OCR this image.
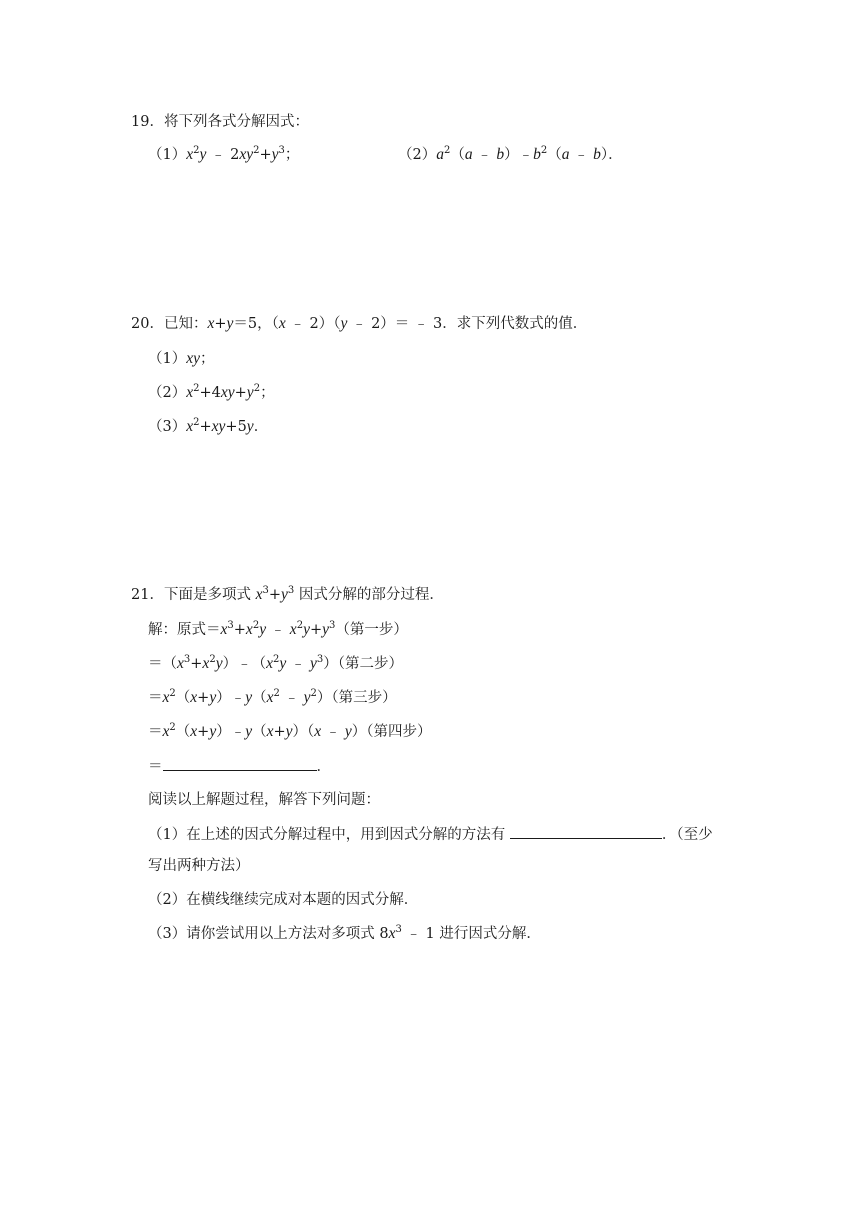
19．将下列各式分解因式：
$(1)x^2y$ ﹣ $2xy^2+y^3$；	$(2)a^2(a$ ﹣ $b)﹣b^2(a$ ﹣ b）．
20．已知：x+y＝5，（x ﹣ 2）（y ﹣ 2）＝ ﹣ 3．求下列代数式的值．
（1）xy；
$(2)x^2+4xy+y^2$；
$(3)x^2+xy+5y$．
21．下面是多项式 $x^3+y^3$ 因式分解的部分过程．
解：原式$=x^3+x^2y$ ﹣ $x^2y+y^3$（第一步）
$=(x^3+x^2y)﹣(x^2y$ ﹣ $y^3$）（第二步）
$=x^2(x+y)﹣y(x^2$ ﹣ $y^2$）（第三步）
$=x^2(x+y)﹣y(x+y)(x$ ﹣ y）（第四步）
＝	．
阅读以上解题过程，解答下列问题：
（1）在上述的因式分解过程中，用到因式分解的方法有	．（至少
写出两种方法）
（2）在横线继续完成对本题的因式分解．
（3）请你尝试用以上方法对多项式 $8x^3$ ﹣ 1 进行因式分解．
